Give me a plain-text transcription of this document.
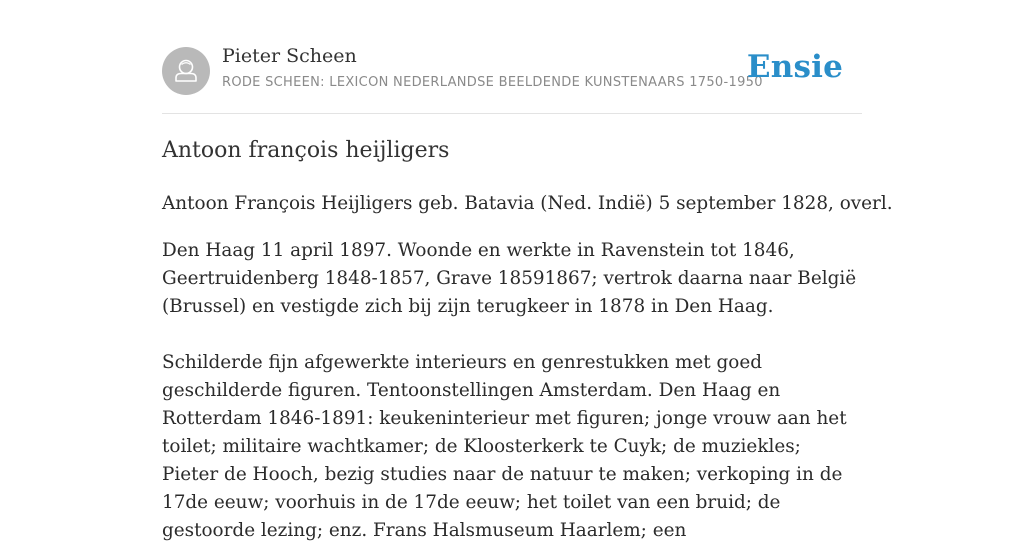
Pieter Scheen
RODE SCHEEN: LEXICON NEDERLANDSE BEELDENDE KUNSTENAARS 1750-1950
Ensie
Antoon françois heijligers

Antoon François Heijligers geb. Batavia (Ned. Indië) 5 september 1828, overl.

Den Haag 11 april 1897. Woonde en werkte in Ravenstein tot 1846, Geertruidenberg 1848-1857, Grave 18591867; vertrok daarna naar België (Brussel) en vestigde zich bij zijn terugkeer in 1878 in Den Haag.

Schilderde fijn afgewerkte interieurs en genrestukken met goed geschilderde figuren. Tentoonstellingen Amsterdam. Den Haag en Rotterdam 1846-1891: keukeninterieur met figuren; jonge vrouw aan het toilet; militaire wachtkamer; de Kloosterkerk te Cuyk; de muziekles; Pieter de Hooch, bezig studies naar de natuur te maken; verkoping in de 17de eeuw; voorhuis in de 17de eeuw; het toilet van een bruid; de gestoorde lezing; enz. Frans Halsmuseum Haarlem; een
